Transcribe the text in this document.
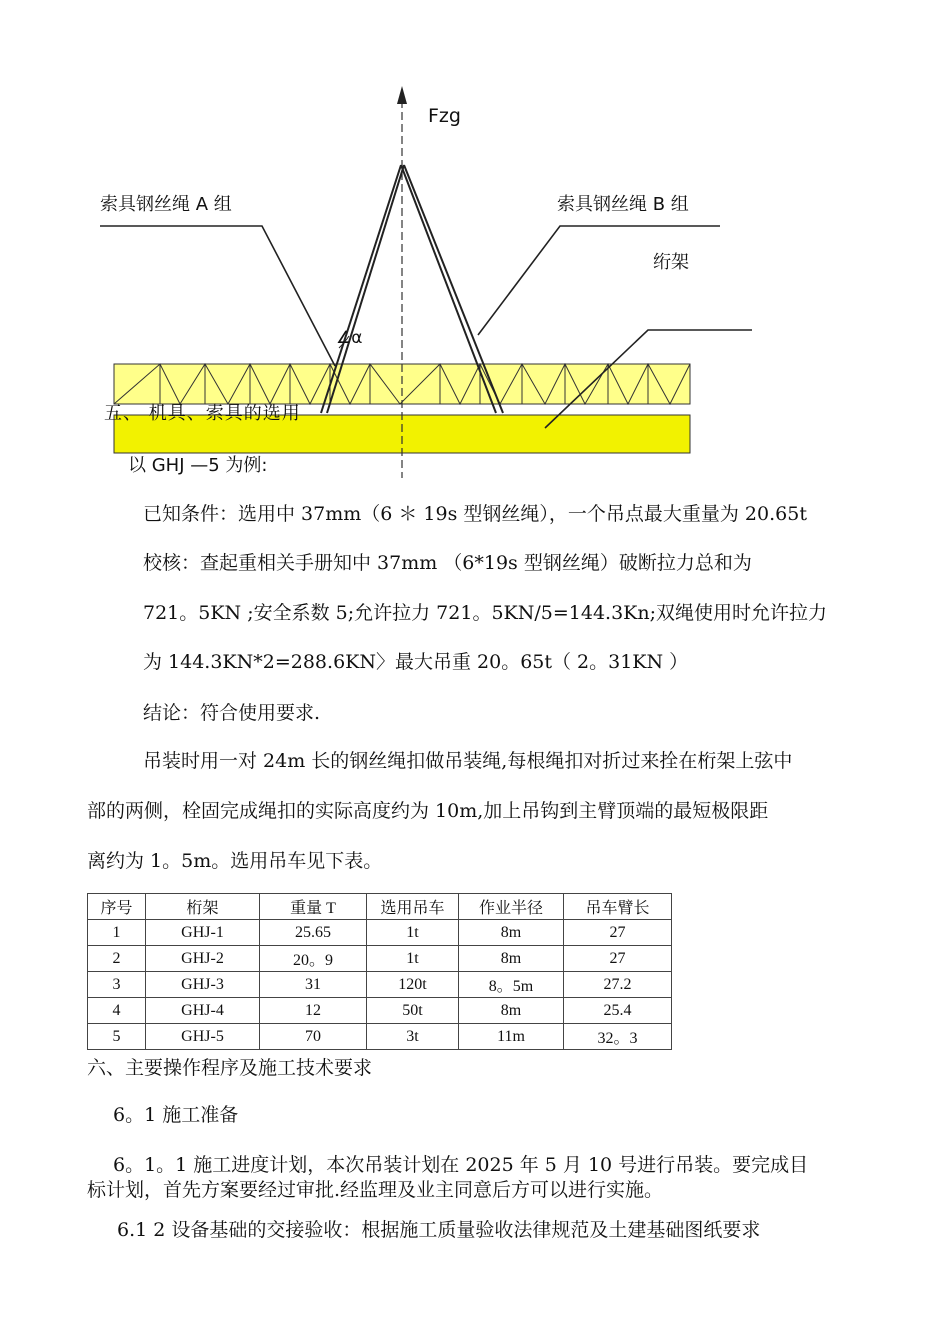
Fzg
索具钢丝绳 A 组	索具钢丝绳 B 组
绗架
∠α
五、 机具、索具的选用
以 GHJ —5 为例:
已知条件：选用中 37mm（6 ＊ 19s 型钢丝绳），一个吊点最大重量为 20.65t
校核：查起重相关手册知中 37mm （6*19s 型钢丝绳）破断拉力总和为
721。5KN ;安全系数 5;允许拉力 721。5KN/5=144.3Kn;双绳使用时允许拉力
为 144.3KN*2=288.6KN〉最大吊重 20。65t（ 2。31KN ）
结论：符合使用要求.
吊装时用一对 24m 长的钢丝绳扣做吊装绳,每根绳扣对折过来拴在桁架上弦中
部的两侧，栓固完成绳扣的实际高度约为 10m,加上吊钩到主臂顶端的最短极限距
离约为 1。5m。选用吊车见下表。
序号	桁架	重量 T	选用吊车	作业半径	吊车臂长
1	GHJ-1	25.65	1t	8m	27
2	GHJ-2	20。9	1t	8m	27
3	GHJ-3	31	120t	8。5m	27.2
4	GHJ-4	12	50t	8m	25.4
5	GHJ-5	70	3t	11m	32。3
六、主要操作程序及施工技术要求
6。1 施工准备
6。1。1 施工进度计划，本次吊装计划在 2025 年 5 月 10 号进行吊装。要完成目
标计划，首先方案要经过审批.经监理及业主同意后方可以进行实施。
6.1 2 设备基础的交接验收：根据施工质量验收法律规范及土建基础图纸要求
